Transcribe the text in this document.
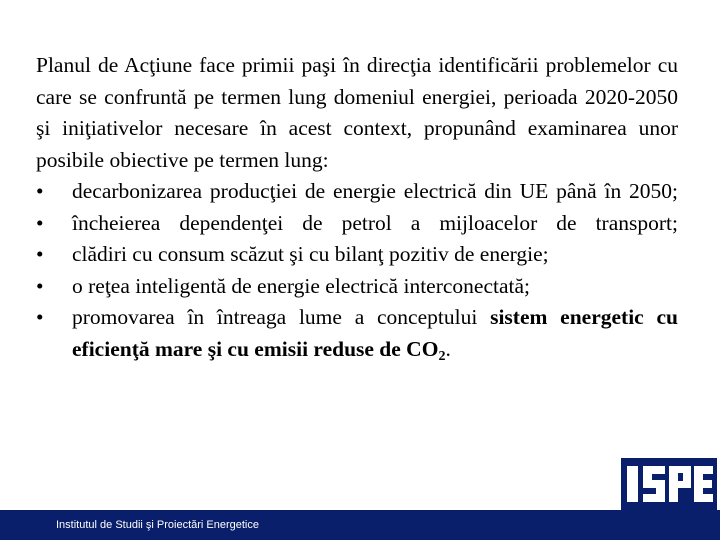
Planul de Acţiune face primii paşi în direcţia identificării problemelor cu care se confruntă pe termen lung domeniul energiei, perioada 2020-2050 şi iniţiativelor necesare în acest context, propunând examinarea unor posibile obiective pe termen lung:

• decarbonizarea producţiei de energie electrică din UE până în 2050;
• încheierea dependenţei de petrol a mijloacelor de transport;
• clădiri cu consum scăzut şi cu bilanţ pozitiv de energie;
• o reţea inteligentă de energie electrică interconectată;
• promovarea în întreaga lume a conceptului sistem energetic cu eficienţă mare şi cu emisii reduse de $CO_2$.
Institutul de Studii şi Proiectări Energetice
